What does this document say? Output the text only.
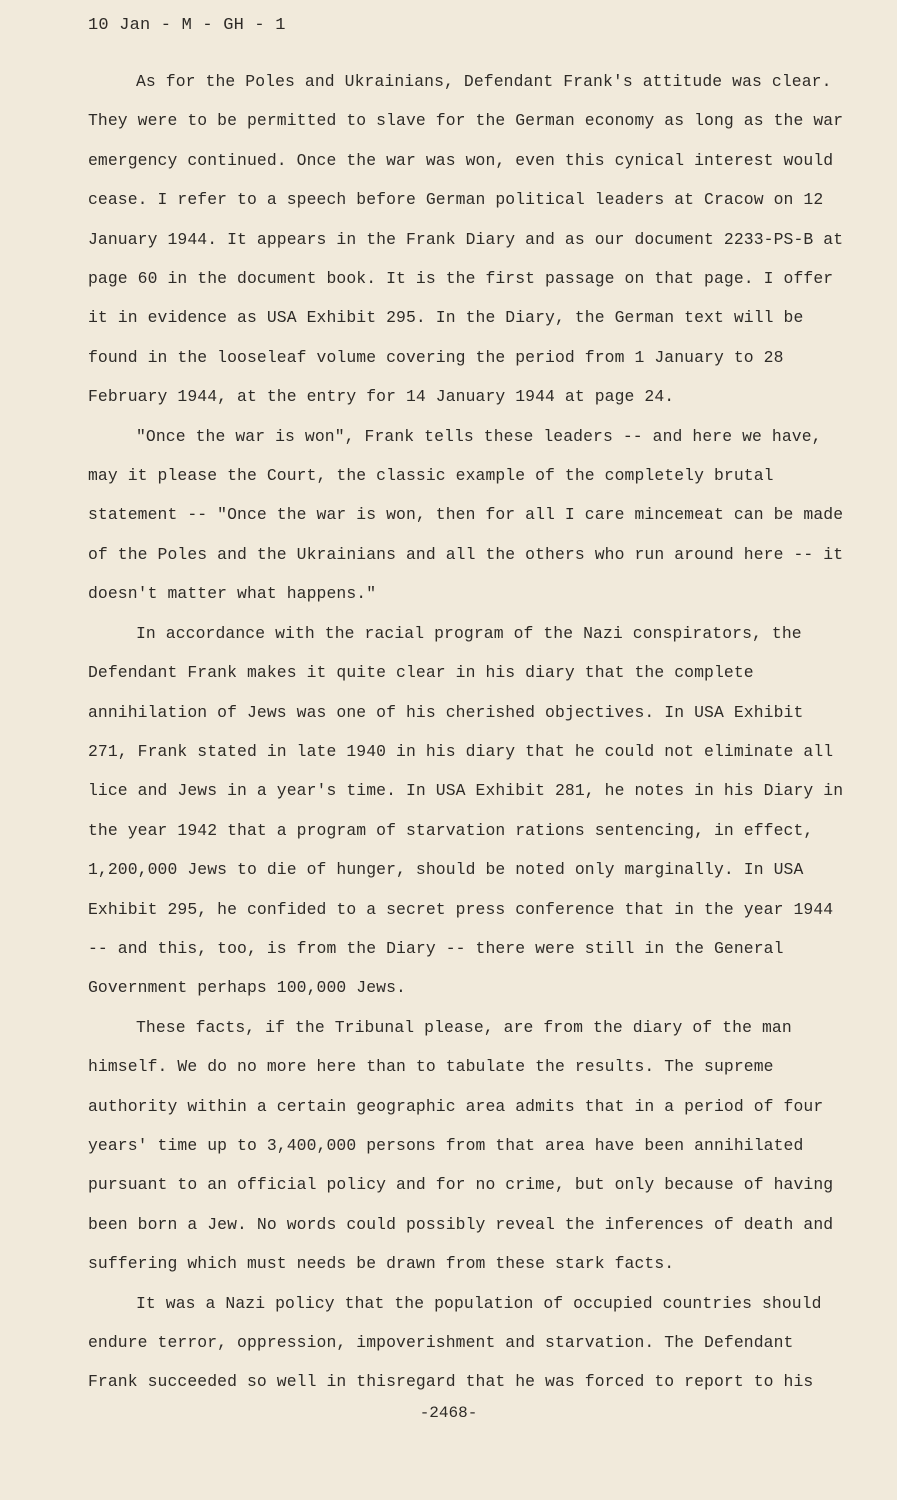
10 Jan - M - GH - 1

As for the Poles and Ukrainians, Defendant Frank's attitude was clear. They were to be permitted to slave for the German economy as long as the war emergency continued. Once the war was won, even this cynical interest would cease. I refer to a speech before German political leaders at Cracow on 12 January 1944. It appears in the Frank Diary and as our document 2233-PS-B at page 60 in the document book. It is the first passage on that page. I offer it in evidence as USA Exhibit 295. In the Diary, the German text will be found in the looseleaf volume covering the period from 1 January to 28 February 1944, at the entry for 14 January 1944 at page 24.

"Once the war is won", Frank tells these leaders -- and here we have, may it please the Court, the classic example of the completely brutal statement -- "Once the war is won, then for all I care mincemeat can be made of the Poles and the Ukrainians and all the others who run around here -- it doesn't matter what happens."

In accordance with the racial program of the Nazi conspirators, the Defendant Frank makes it quite clear in his diary that the complete annihilation of Jews was one of his cherished objectives. In USA Exhibit 271, Frank stated in late 1940 in his diary that he could not eliminate all lice and Jews in a year's time. In USA Exhibit 281, he notes in his Diary in the year 1942 that a program of starvation rations sentencing, in effect, 1,200,000 Jews to die of hunger, should be noted only marginally. In USA Exhibit 295, he confided to a secret press conference that in the year 1944 -- and this, too, is from the Diary -- there were still in the General Government perhaps 100,000 Jews.

These facts, if the Tribunal please, are from the diary of the man himself. We do no more here than to tabulate the results. The supreme authority within a certain geographic area admits that in a period of four years' time up to 3,400,000 persons from that area have been annihilated pursuant to an official policy and for no crime, but only because of having been born a Jew. No words could possibly reveal the inferences of death and suffering which must needs be drawn from these stark facts.

It was a Nazi policy that the population of occupied countries should endure terror, oppression, impoverishment and starvation. The Defendant Frank succeeded so well in thisregard that he was forced to report to his

-2468-
